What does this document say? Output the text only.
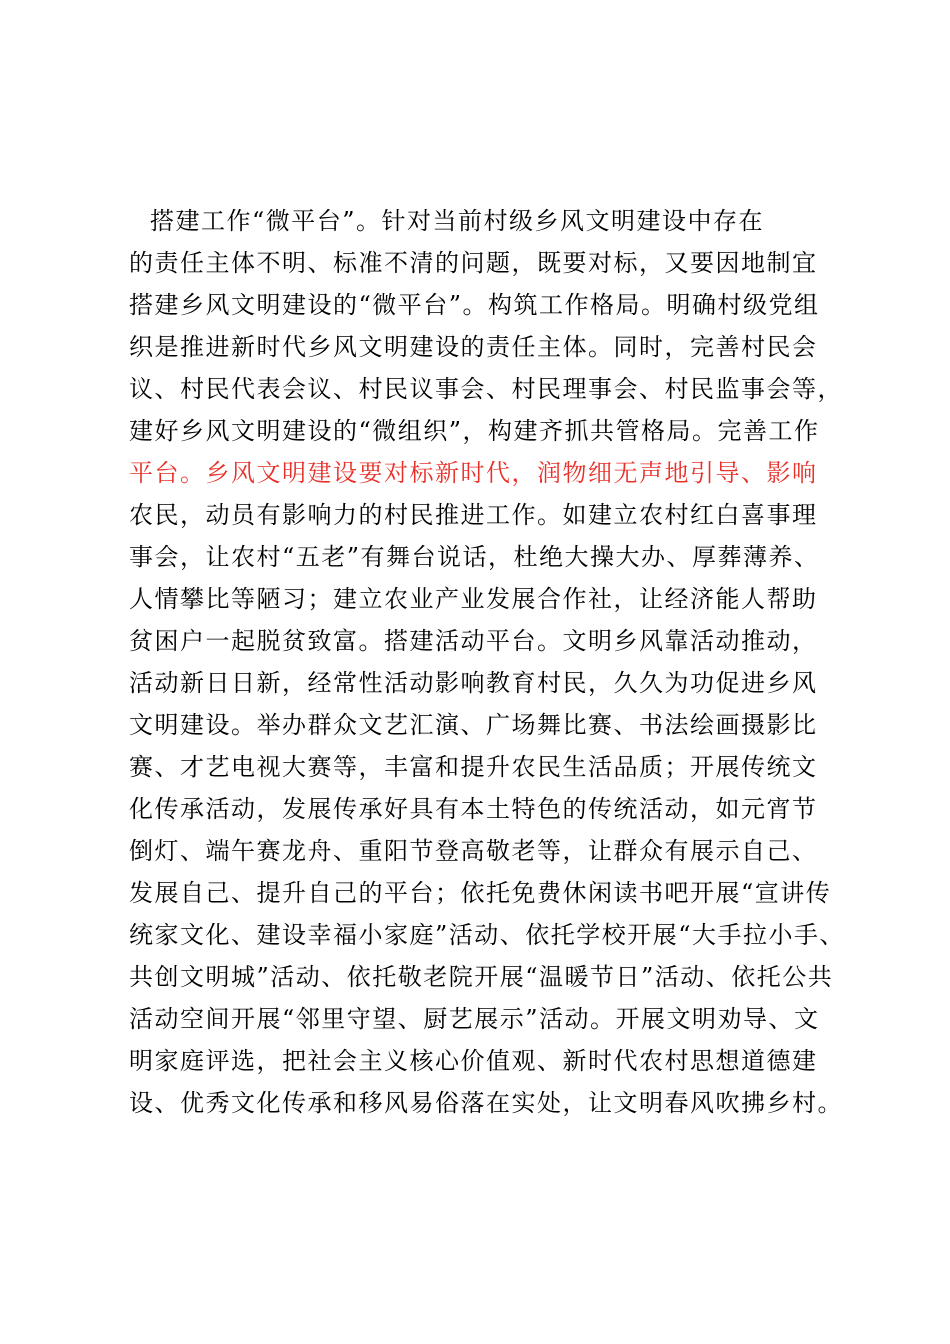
搭建工作“微平台”。针对当前村级乡风文明建设中存在
的责任主体不明、标准不清的问题，既要对标，又要因地制宜
搭建乡风文明建设的“微平台”。构筑工作格局。明确村级党组
织是推进新时代乡风文明建设的责任主体。同时，完善村民会
议、村民代表会议、村民议事会、村民理事会、村民监事会等，
建好乡风文明建设的“微组织”，构建齐抓共管格局。完善工作
平台。乡风文明建设要对标新时代，润物细无声地引导、影响
农民，动员有影响力的村民推进工作。如建立农村红白喜事理
事会，让农村“五老”有舞台说话，杜绝大操大办、厚葬薄养、
人情攀比等陋习；建立农业产业发展合作社，让经济能人帮助
贫困户一起脱贫致富。搭建活动平台。文明乡风靠活动推动，
活动新日日新，经常性活动影响教育村民，久久为功促进乡风
文明建设。举办群众文艺汇演、广场舞比赛、书法绘画摄影比
赛、才艺电视大赛等，丰富和提升农民生活品质；开展传统文
化传承活动，发展传承好具有本土特色的传统活动，如元宵节
倒灯、端午赛龙舟、重阳节登高敬老等，让群众有展示自己、
发展自己、提升自己的平台；依托免费休闲读书吧开展“宣讲传
统家文化、建设幸福小家庭”活动、依托学校开展“大手拉小手、
共创文明城”活动、依托敬老院开展“温暖节日”活动、依托公共
活动空间开展“邻里守望、厨艺展示”活动。开展文明劝导、文
明家庭评选，把社会主义核心价值观、新时代农村思想道德建
设、优秀文化传承和移风易俗落在实处，让文明春风吹拂乡村。
